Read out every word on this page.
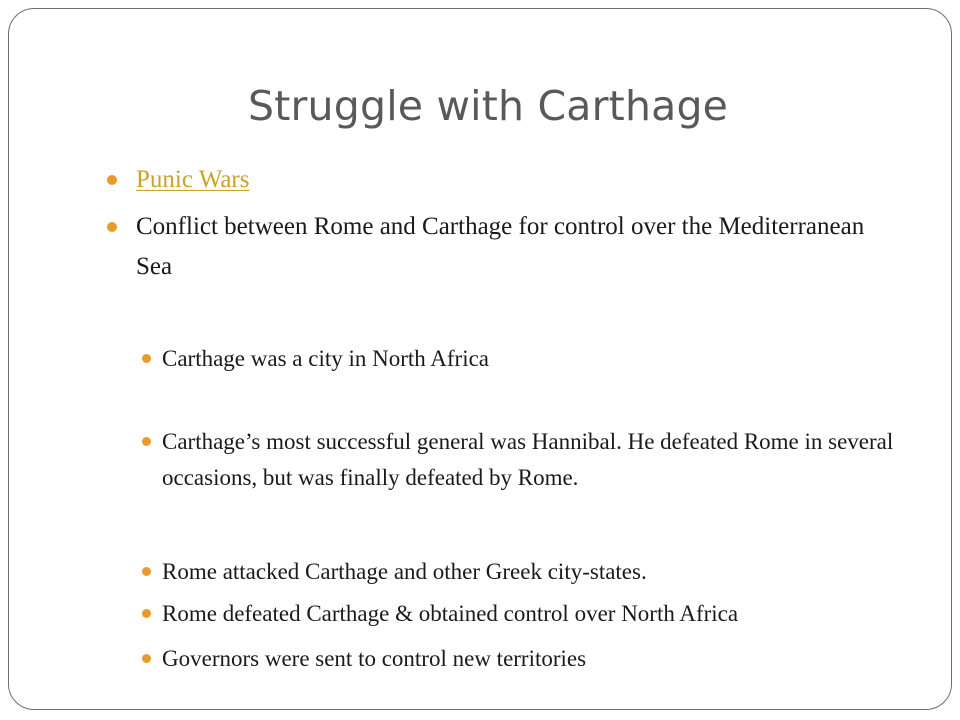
Struggle with Carthage
Punic Wars
Conflict between Rome and Carthage for control over the Mediterranean Sea
Carthage was a city in North Africa
Carthage’s most successful general was Hannibal. He defeated Rome in several occasions, but was finally defeated by Rome.
Rome attacked Carthage and other Greek city-states.
Rome defeated Carthage & obtained control over North Africa
Governors were sent to control new territories
